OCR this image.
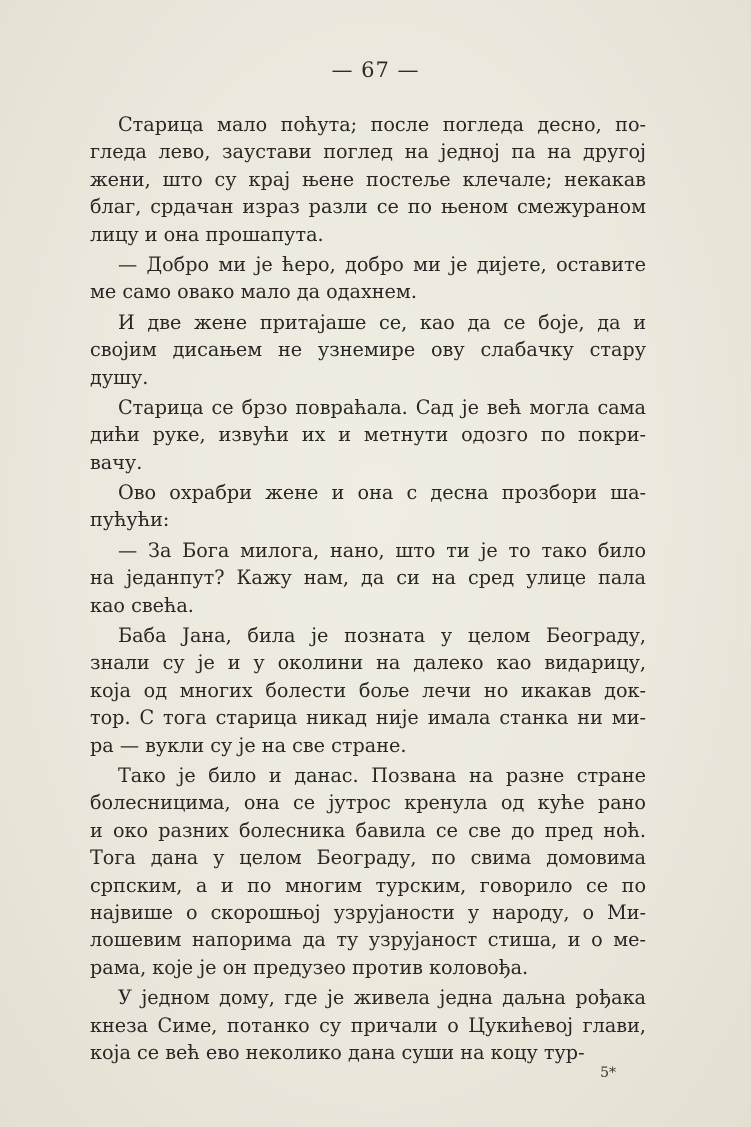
— 67 —
Старица мало поћута; после погледа десно, по-
гледа лево, заустави поглед на једној па на другој
жени, што су крај њене постеље клечале; некакав
благ, срдачан израз разли се по њеном смежураном
лицу и она прошапута.
— Добро ми је ћеро, добро ми је дијете, оставите
ме само овако мало да одахнем.
И две жене притајаше се, као да се боје, да и
својим дисањем не узнемире ову слабачку стару
душу.
Старица се брзо повраћала. Сад је већ могла сама
дићи руке, извући их и метнути одозго по покри-
вачу.
Ово охрабри жене и она с десна прозбори ша-
пућући:
— За Бога милога, нано, што ти је то тако било
на једанпут? Кажу нам, да си на сред улице пала
као свећа.
Баба Јана, била је позната у целом Београду,
знали су је и у околини на далеко као видарицу,
која од многих болести боље лечи но икакав док-
тор. С тога старица никад није имала станка ни ми-
ра — вукли су је на све стране.
Тако је било и данас. Позвана на разне стране
болесницима, она се јутрос кренула од куће рано
и око разних болесника бавила се све до пред ноћ.
Тога дана у целом Београду, по свима домовима
српским, а и по многим турским, говорило се по
највише о скорошњој узрујаности у народу, о Ми-
лошевим напорима да ту узрујаност стиша, и о ме-
рама, које је он предузео против коловођа.
У једном дому, где је живела једна даљна рођака
кнеза Симе, потанко су причали о Цукићевој глави,
која се већ ево неколико дана суши на коцу тур-
5*
